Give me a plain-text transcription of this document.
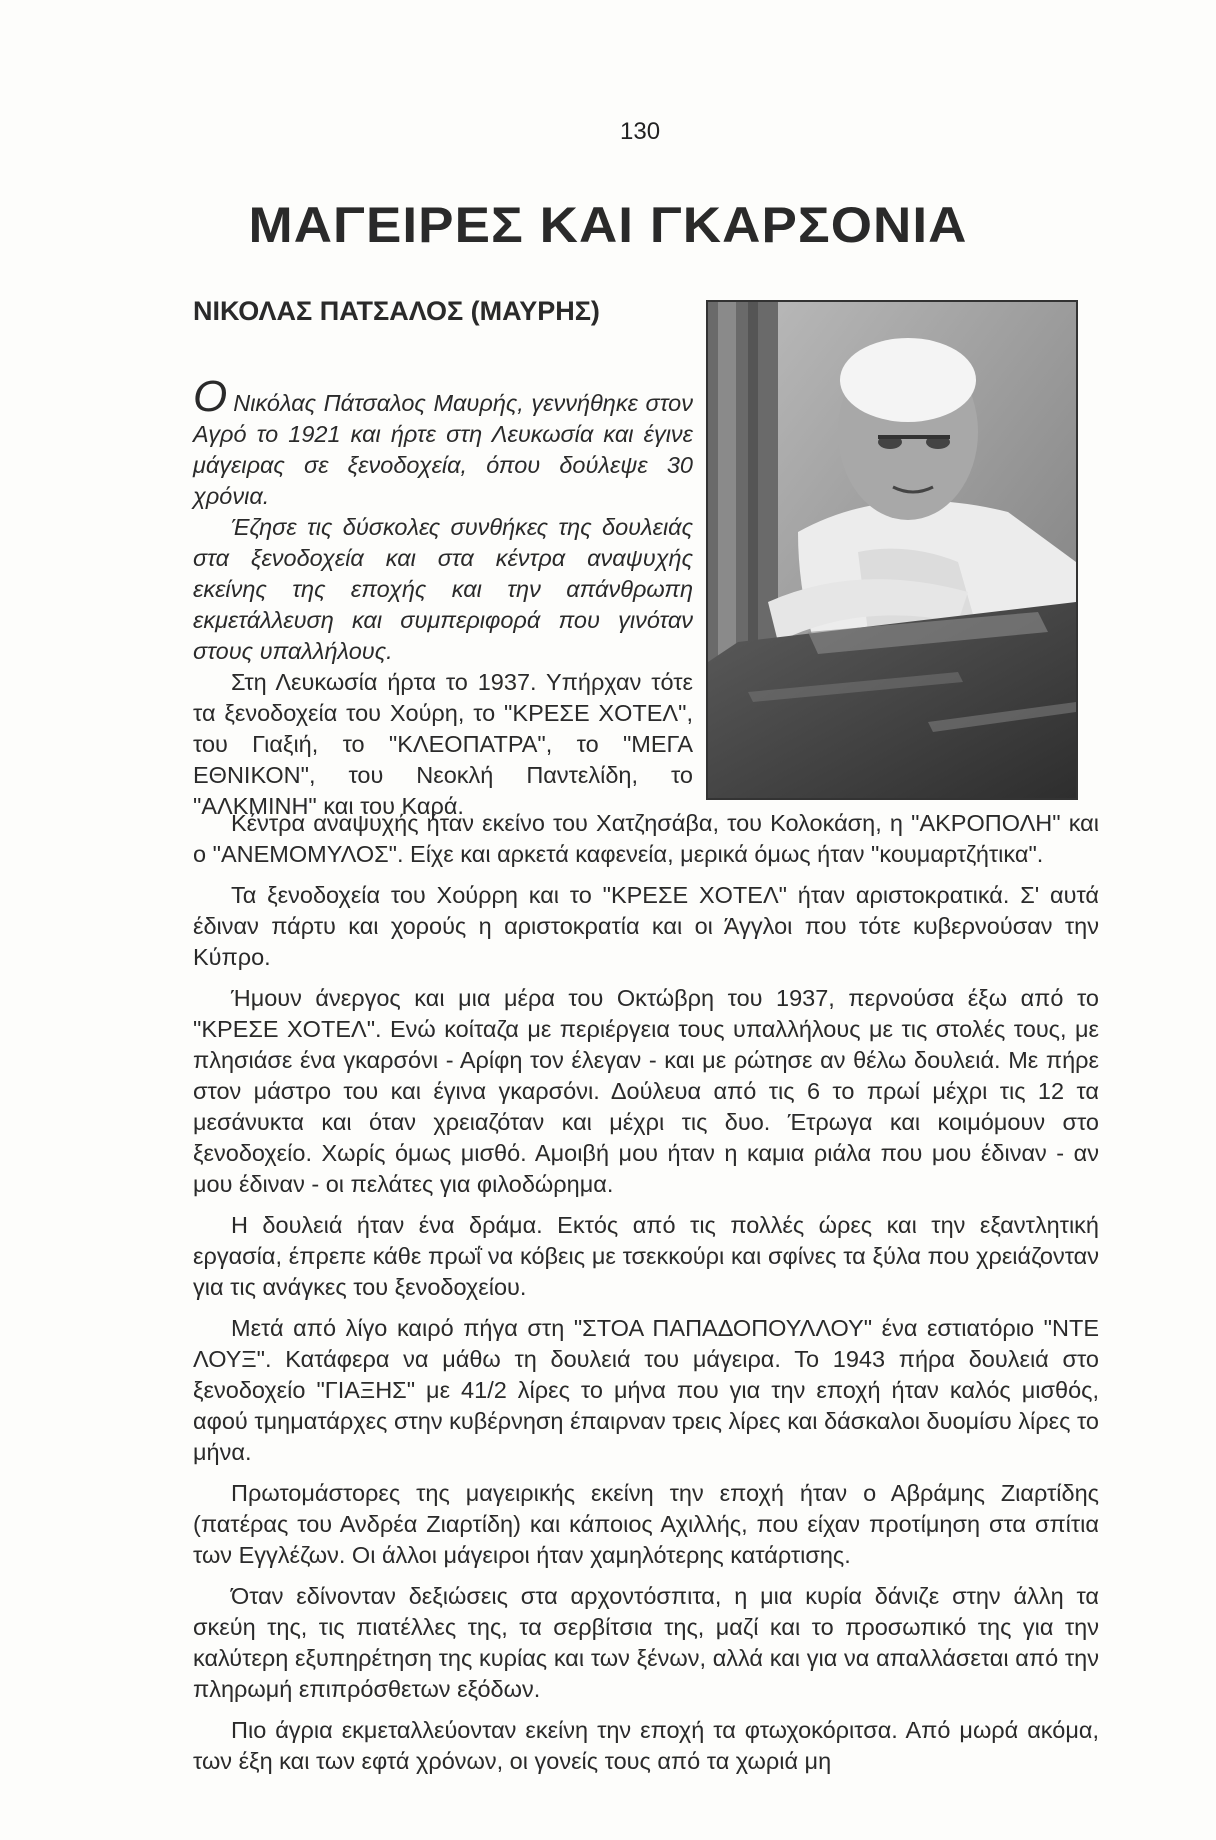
130
ΜΑΓΕΙΡΕΣ ΚΑΙ ΓΚΑΡΣΟΝΙΑ
ΝΙΚΟΛΑΣ ΠΑΤΣΑΛΟΣ (ΜΑΥΡΗΣ)

Ο Νικόλας Πάτσαλος Μαυρής, γεννήθηκε στον Αγρό το 1921 και ήρτε στη Λευκωσία και έγινε μάγειρας σε ξενοδοχεία, όπου δούλεψε 30 χρόνια.

Έζησε τις δύσκολες συνθήκες της δουλειάς στα ξενοδοχεία και στα κέντρα αναψυχής εκείνης της εποχής και την απάνθρωπη εκμετάλλευση και συμπεριφορά που γινόταν στους υπαλλήλους.

Στη Λευκωσία ήρτα το 1937. Υπήρχαν τότε τα ξενοδοχεία του Χούρη, το "ΚΡΕΣΕ ΧΟΤΕΛ", του Γιαξιή, το "ΚΛΕΟΠΑΤΡΑ", το "ΜΕΓΑ ΕΘΝΙΚΟΝ", του Νεοκλή Παντελίδη, το "ΑΛΚΜΙΝΗ" και του Καρά.

Κέντρα αναψυχής ήταν εκείνο του Χατζησάβα, του Κολοκάση, η "ΑΚΡΟΠΟΛΗ" και ο "ΑΝΕΜΟΜΥΛΟΣ". Είχε και αρκετά καφενεία, μερικά όμως ήταν "κουμαρτζήτικα".

Τα ξενοδοχεία του Χούρρη και το "ΚΡΕΣΕ ΧΟΤΕΛ" ήταν αριστοκρατικά. Σ' αυτά έδιναν πάρτυ και χορούς η αριστοκρατία και οι Άγγλοι που τότε κυβερνούσαν την Κύπρο.

Ήμουν άνεργος και μια μέρα του Οκτώβρη του 1937, περνούσα έξω από το "ΚΡΕΣΕ ΧΟΤΕΛ". Ενώ κοίταζα με περιέργεια τους υπαλλήλους με τις στολές τους, με πλησιάσε ένα γκαρσόνι - Αρίφη τον έλεγαν - και με ρώτησε αν θέλω δουλειά. Με πήρε στον μάστρο του και έγινα γκαρσόνι. Δούλευα από τις 6 το πρωί μέχρι τις 12 τα μεσάνυκτα και όταν χρειαζόταν και μέχρι τις δυο. Έτρωγα και κοιμόμουν στο ξενοδοχείο. Χωρίς όμως μισθό. Αμοιβή μου ήταν η καμια ριάλα που μου έδιναν - αν μου έδιναν - οι πελάτες για φιλοδώρημα.

Η δουλειά ήταν ένα δράμα. Εκτός από τις πολλές ώρες και την εξαντλητική εργασία, έπρεπε κάθε πρωΐ να κόβεις με τσεκκούρι και σφίνες τα ξύλα που χρειάζονταν για τις ανάγκες του ξενοδοχείου.

Μετά από λίγο καιρό πήγα στη "ΣΤΟΑ ΠΑΠΑΔΟΠΟΥΛΛΟΥ" ένα εστιατόριο "ΝΤΕ ΛΟΥΞ". Κατάφερα να μάθω τη δουλειά του μάγειρα. Το 1943 πήρα δουλειά στο ξενοδοχείο "ΓΙΑΞΗΣ" με 41/2 λίρες το μήνα που για την εποχή ήταν καλός μισθός, αφού τμηματάρχες στην κυβέρνηση έπαιρναν τρεις λίρες και δάσκαλοι δυομίσυ λίρες το μήνα.

Πρωτομάστορες της μαγειρικής εκείνη την εποχή ήταν ο Αβράμης Ζιαρτίδης (πατέρας του Ανδρέα Ζιαρτίδη) και κάποιος Αχιλλής, που είχαν προτίμηση στα σπίτια των Εγγλέζων. Οι άλλοι μάγειροι ήταν χαμηλότερης κατάρτισης.

Όταν εδίνονταν δεξιώσεις στα αρχοντόσπιτα, η μια κυρία δάνιζε στην άλλη τα σκεύη της, τις πιατέλλες της, τα σερβίτσια της, μαζί και το προσωπικό της για την καλύτερη εξυπηρέτηση της κυρίας και των ξένων, αλλά και για να απαλλάσεται από την πληρωμή επιπρόσθετων εξόδων.

Πιο άγρια εκμεταλλεύονταν εκείνη την εποχή τα φτωχοκόριτσα. Από μωρά ακόμα, των έξη και των εφτά χρόνων, οι γονείς τους από τα χωριά μη
